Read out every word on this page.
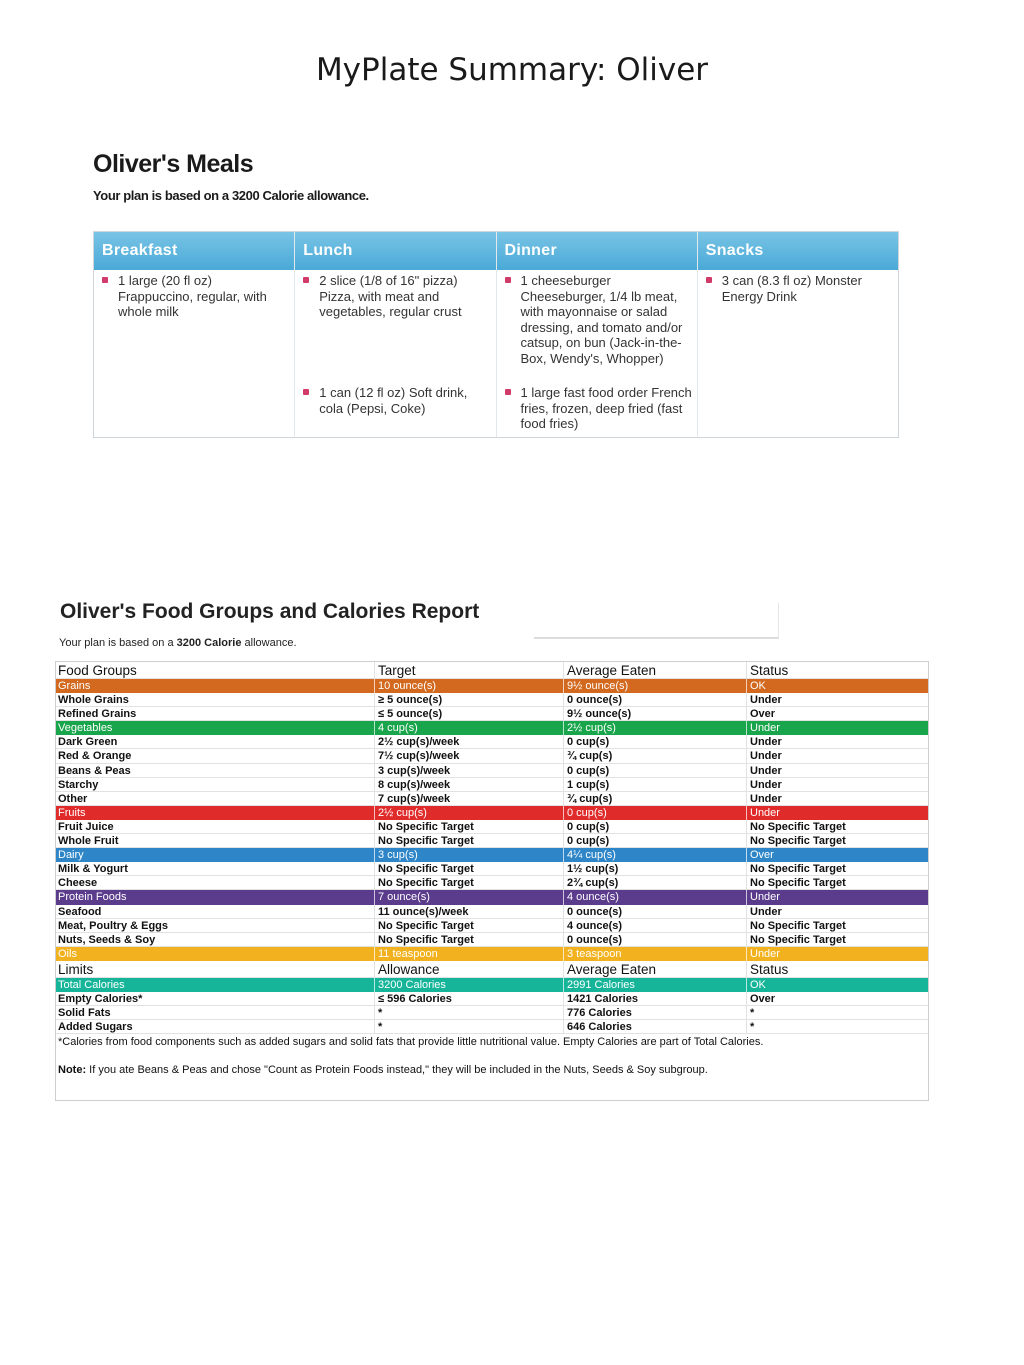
MyPlate Summary: Oliver
Oliver's Meals
Your plan is based on a 3200 Calorie allowance.
Breakfast
1 large (20 fl oz) Frappuccino, regular, with whole milk
Lunch
2 slice (1/8 of 16" pizza) Pizza, with meat and vegetables, regular crust
1 can (12 fl oz) Soft drink, cola (Pepsi, Coke)
Dinner
1 cheeseburger Cheeseburger, 1/4 lb meat, with mayonnaise or salad dressing, and tomato and/or catsup, on bun (Jack-in-the-Box, Wendy's, Whopper)
1 large fast food order French fries, frozen, deep fried (fast food fries)
Snacks
3 can (8.3 fl oz) Monster Energy Drink
Oliver's Food Groups and Calories Report
Your plan is based on a 3200 Calorie allowance.
Food Groups	Target	Average Eaten	Status
Grains	10 ounce(s)	9½ ounce(s)	OK
Whole Grains	≥ 5 ounce(s)	0 ounce(s)	Under
Refined Grains	≤ 5 ounce(s)	9½ ounce(s)	Over
Vegetables	4 cup(s)	2½ cup(s)	Under
Dark Green	2½ cup(s)/week	0 cup(s)	Under
Red & Orange	7½ cup(s)/week	¾ cup(s)	Under
Beans & Peas	3 cup(s)/week	0 cup(s)	Under
Starchy	8 cup(s)/week	1 cup(s)	Under
Other	7 cup(s)/week	¾ cup(s)	Under
Fruits	2½ cup(s)	0 cup(s)	Under
Fruit Juice	No Specific Target	0 cup(s)	No Specific Target
Whole Fruit	No Specific Target	0 cup(s)	No Specific Target
Dairy	3 cup(s)	4¼ cup(s)	Over
Milk & Yogurt	No Specific Target	1½ cup(s)	No Specific Target
Cheese	No Specific Target	2¾ cup(s)	No Specific Target
Protein Foods	7 ounce(s)	4 ounce(s)	Under
Seafood	11 ounce(s)/week	0 ounce(s)	Under
Meat, Poultry & Eggs	No Specific Target	4 ounce(s)	No Specific Target
Nuts, Seeds & Soy	No Specific Target	0 ounce(s)	No Specific Target
Oils	11 teaspoon	3 teaspoon	Under
Limits	Allowance	Average Eaten	Status
Total Calories	3200 Calories	2991 Calories	OK
Empty Calories*	≤ 596 Calories	1421 Calories	Over
Solid Fats	*	776 Calories	*
Added Sugars	*	646 Calories	*
*Calories from food components such as added sugars and solid fats that provide little nutritional value. Empty Calories are part of Total Calories.
Note: If you ate Beans & Peas and chose "Count as Protein Foods instead," they will be included in the Nuts, Seeds & Soy subgroup.
